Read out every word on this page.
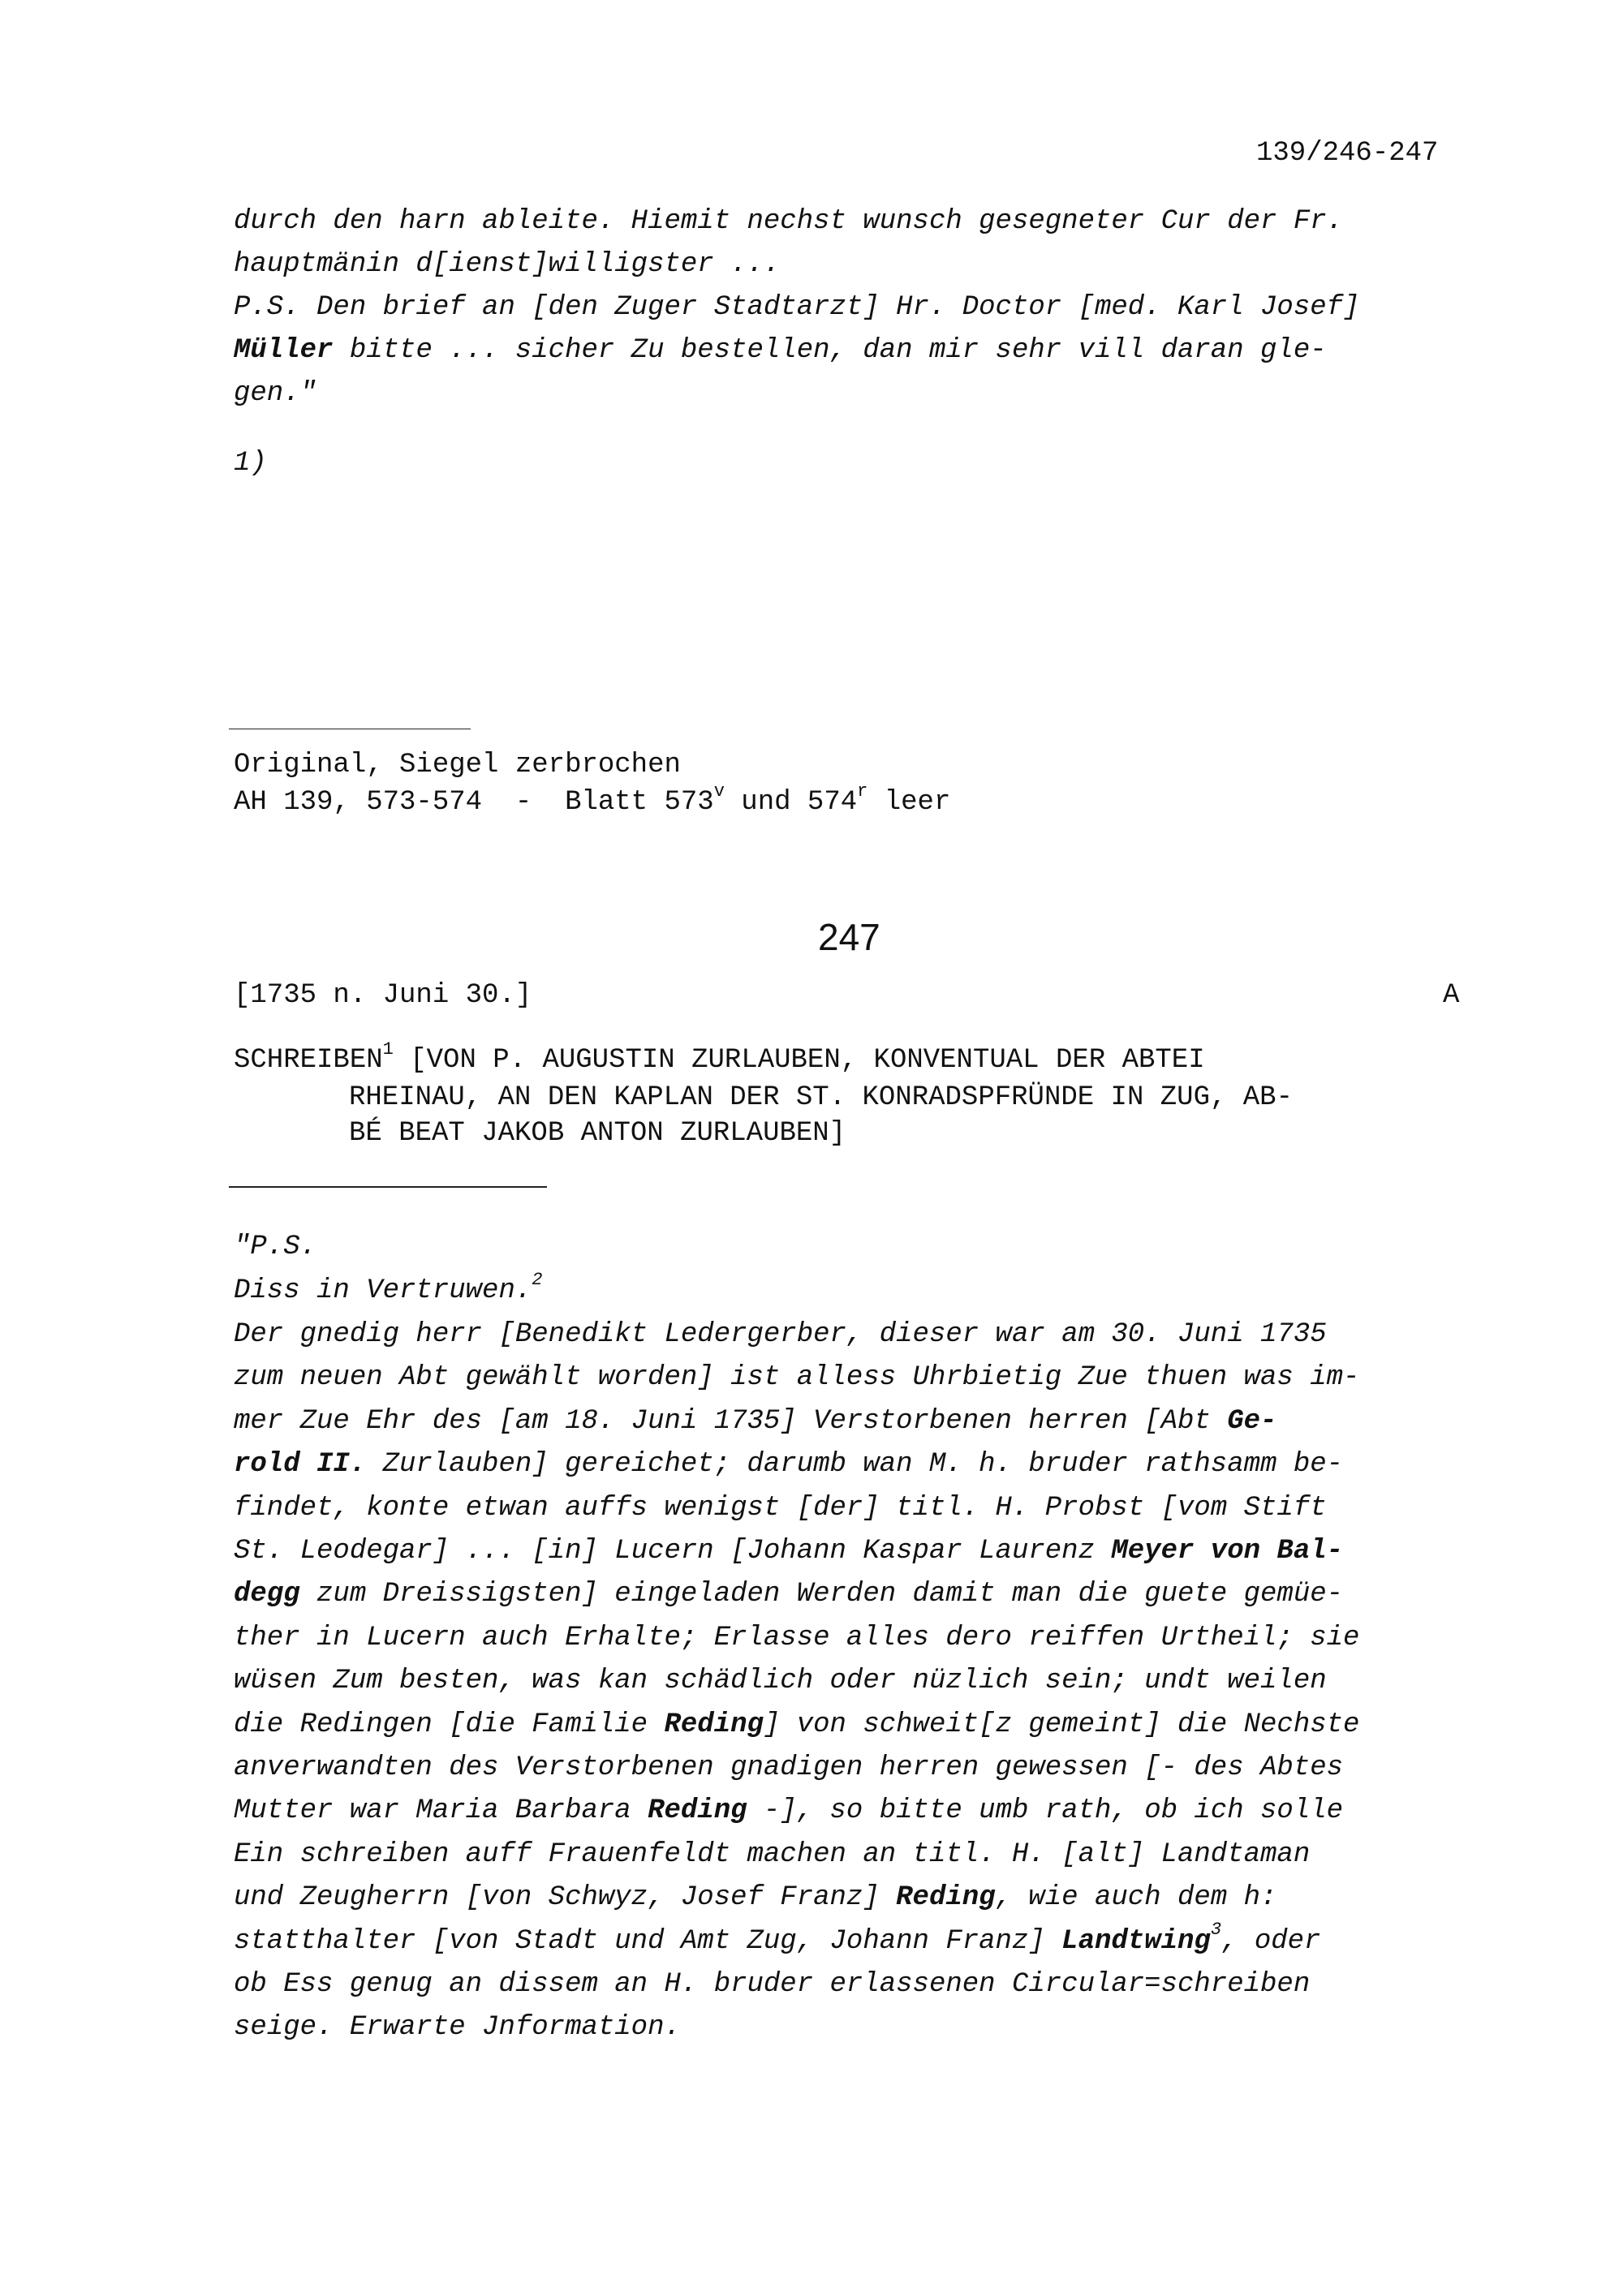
139/246-247
durch den harn ableite. Hiemit nechst wunsch gesegneter Cur der Fr.
hauptmänin d[ienst]willigster ...
P.S. Den brief an [den Zuger Stadtarzt] Hr. Doctor [med. Karl Josef]
Müller bitte ... sicher Zu bestellen, dan mir sehr vill daran gle-
gen."
1)
Original, Siegel zerbrochen
AH 139, 573-574  -  Blatt 573$^v$ und 574$^r$ leer
247
[1735 n. Juni 30.]	A
SCHREIBEN$^1$ [VON P. AUGUSTIN ZURLAUBEN, KONVENTUAL DER ABTEI
RHEINAU, AN DEN KAPLAN DER ST. KONRADSPFRÜNDE IN ZUG, AB-
BÉ BEAT JAKOB ANTON ZURLAUBEN]
"P.S.
Diss in Vertruwen.$^2$
Der gnedig herr [Benedikt Ledergerber, dieser war am 30. Juni 1735
zum neuen Abt gewählt worden] ist alless Uhrbietig Zue thuen was im-
mer Zue Ehr des [am 18. Juni 1735] Verstorbenen herren [Abt Ge-
rold II. Zurlauben] gereichet; darumb wan M. h. bruder rathsamm be-
findet, konte etwan auffs wenigst [der] titl. H. Probst [vom Stift
St. Leodegar] ... [in] Lucern [Johann Kaspar Laurenz Meyer von Bal-
degg zum Dreissigsten] eingeladen Werden damit man die guete gemüe-
ther in Lucern auch Erhalte; Erlasse alles dero reiffen Urtheil; sie
wüsen Zum besten, was kan schädlich oder nüzlich sein; undt weilen
die Redingen [die Familie Reding] von schweit[z gemeint] die Nechste
anverwandten des Verstorbenen gnadigen herren gewessen [- des Abtes
Mutter war Maria Barbara Reding -], so bitte umb rath, ob ich solle
Ein schreiben auff Frauenfeldt machen an titl. H. [alt] Landtaman
und Zeugherrn [von Schwyz, Josef Franz] Reding, wie auch dem h:
statthalter [von Stadt und Amt Zug, Johann Franz] Landtwing$^3$, oder
ob Ess genug an dissem an H. bruder erlassenen Circular=schreiben
seige. Erwarte Jnformation.
